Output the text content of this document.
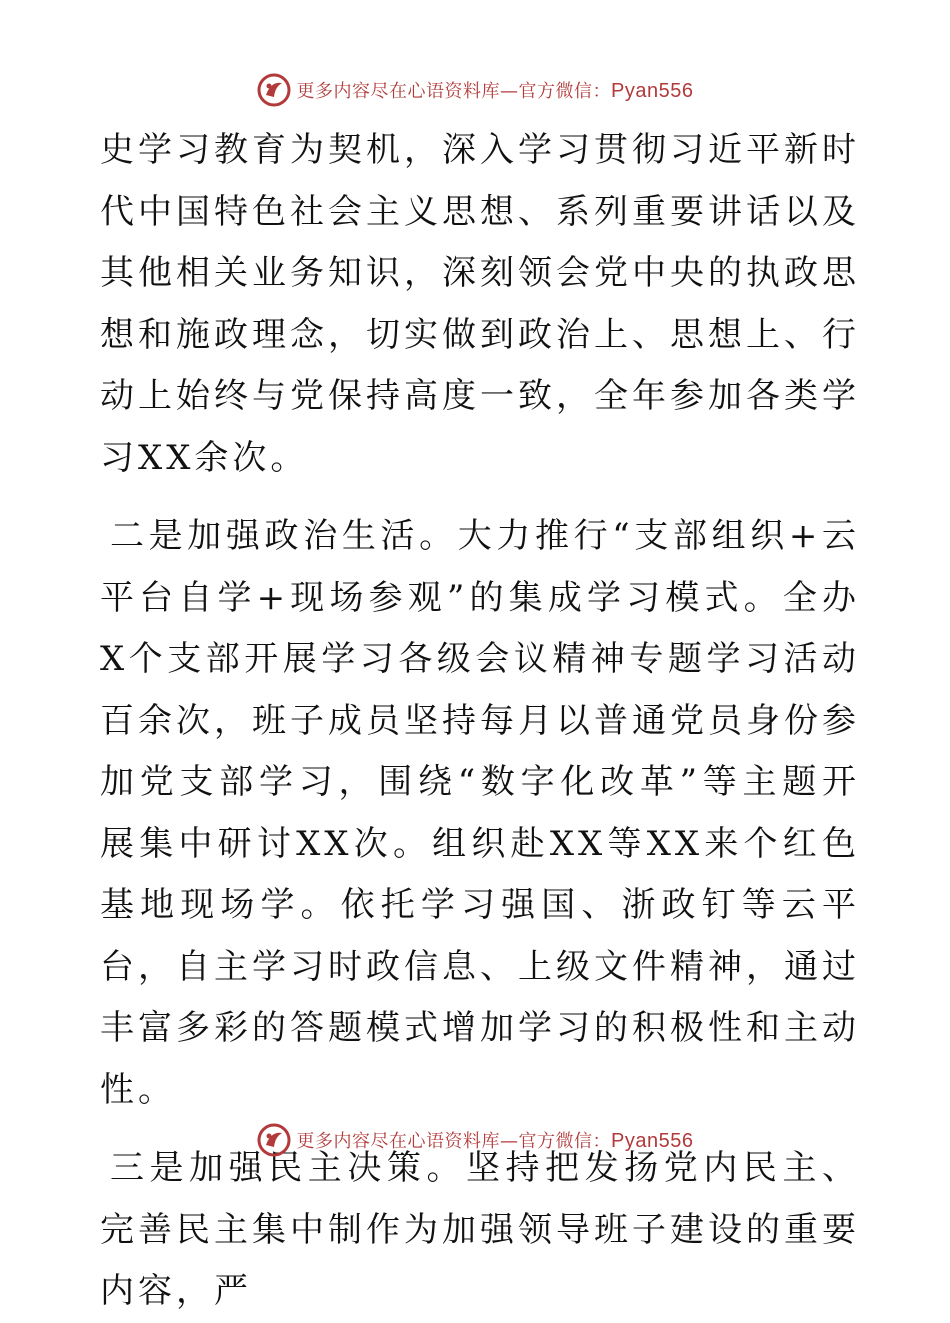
更多内容尽在心语资料库—官方微信：Pyan556

史学习教育为契机，深入学习贯彻习近平新时代中国特色社会主义思想、系列重要讲话以及其他相关业务知识，深刻领会党中央的执政思想和施政理念，切实做到政治上、思想上、行动上始终与党保持高度一致，全年参加各类学习XX余次。

二是加强政治生活。大力推行“支部组织+云平台自学+现场参观”的集成学习模式。全办X个支部开展学习各级会议精神专题学习活动百余次，班子成员坚持每月以普通党员身份参加党支部学习，围绕“数字化改革”等主题开展集中研讨XX次。组织赴XX等XX来个红色基地现场学。依托学习强国、浙政钉等云平台，自主学习时政信息、上级文件精神，通过丰富多彩的答题模式增加学习的积极性和主动性。

三是加强民主决策。坚持把发扬党内民主、完善民主集中制作为加强领导班子建设的重要内容，严

更多内容尽在心语资料库—官方微信：Pyan556
